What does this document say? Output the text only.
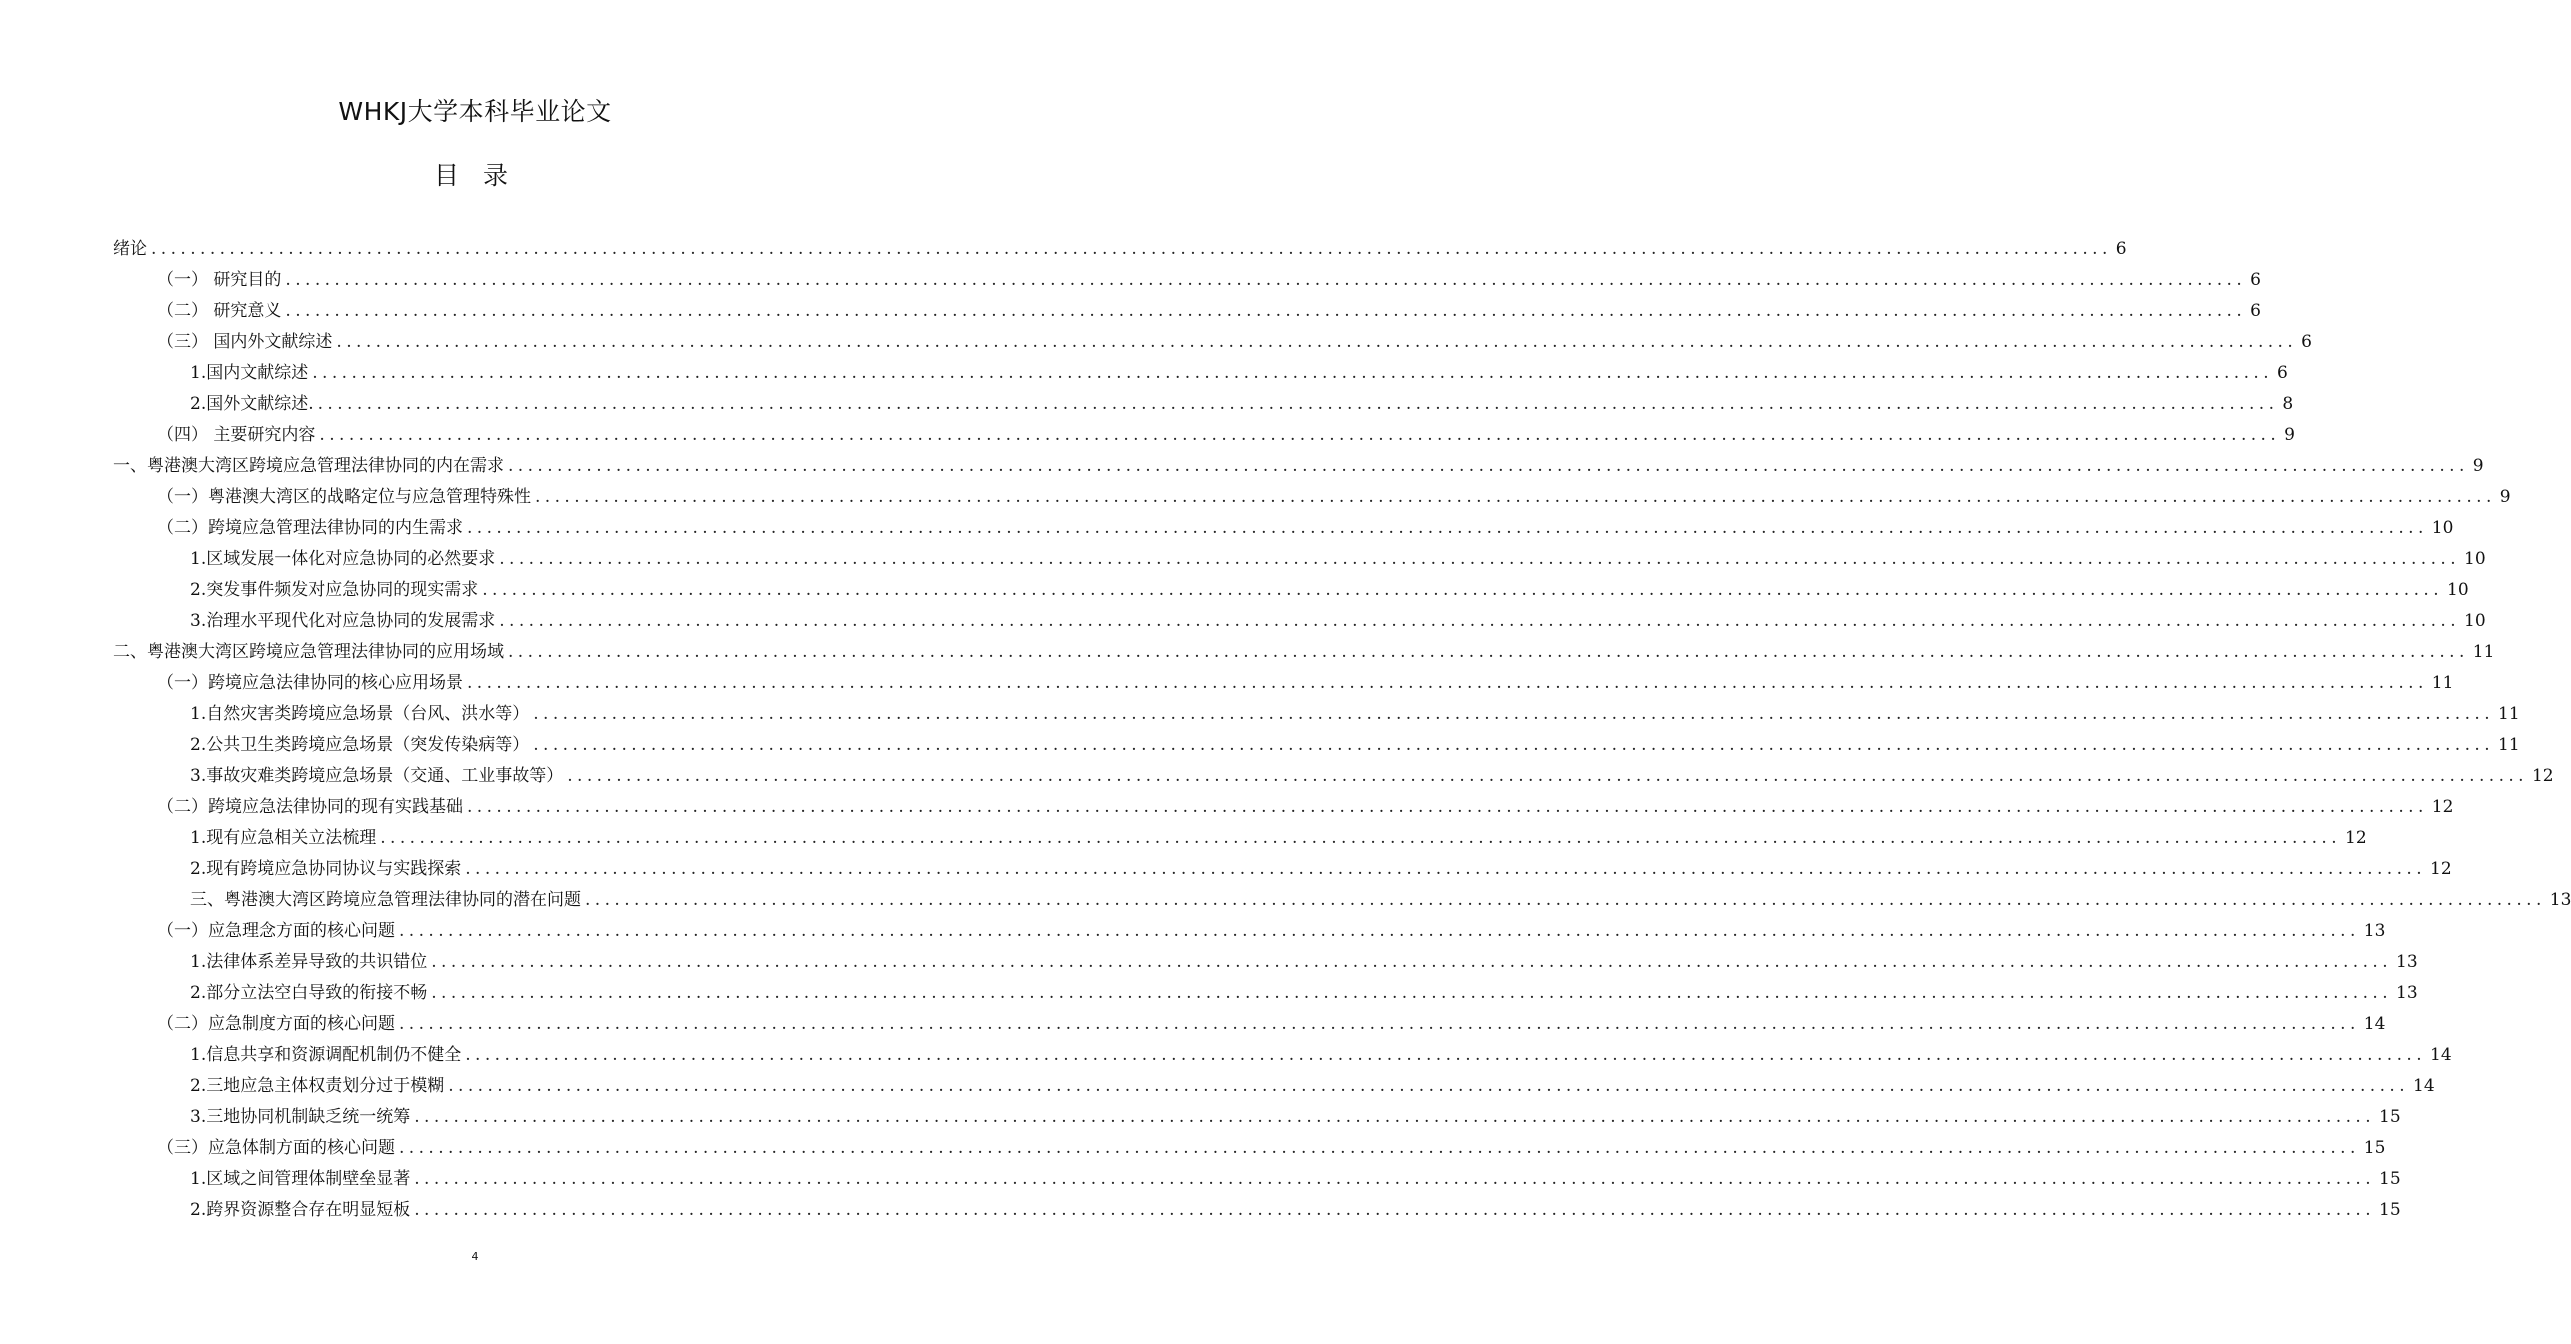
WHKJ大学本科毕业论文
目 录
绪论 ........................................................................................................................................................................................................ 6
（一） 研究目的 ........................................................................................................................................................................................................ 6
（二） 研究意义 ........................................................................................................................................................................................................ 6
（三） 国内外文献综述 ........................................................................................................................................................................................................ 6
1.国内文献综述 ........................................................................................................................................................................................................ 6
2.国外文献综述. ........................................................................................................................................................................................................ 8
（四） 主要研究内容 ........................................................................................................................................................................................................ 9
一、粤港澳大湾区跨境应急管理法律协同的内在需求 ........................................................................................................................................................................................................ 9
（一）粤港澳大湾区的战略定位与应急管理特殊性 ........................................................................................................................................................................................................ 9
（二）跨境应急管理法律协同的内生需求 ........................................................................................................................................................................................................ 10
1.区域发展一体化对应急协同的必然要求 ........................................................................................................................................................................................................ 10
2.突发事件频发对应急协同的现实需求 ........................................................................................................................................................................................................ 10
3.治理水平现代化对应急协同的发展需求 ........................................................................................................................................................................................................ 10
二、粤港澳大湾区跨境应急管理法律协同的应用场域 ........................................................................................................................................................................................................ 11
（一）跨境应急法律协同的核心应用场景 ........................................................................................................................................................................................................ 11
1.自然灾害类跨境应急场景（台风、洪水等） ........................................................................................................................................................................................................ 11
2.公共卫生类跨境应急场景（突发传染病等） ........................................................................................................................................................................................................ 11
3.事故灾难类跨境应急场景（交通、工业事故等） ........................................................................................................................................................................................................ 12
（二）跨境应急法律协同的现有实践基础 ........................................................................................................................................................................................................ 12
1.现有应急相关立法梳理 ........................................................................................................................................................................................................ 12
2.现有跨境应急协同协议与实践探索 ........................................................................................................................................................................................................ 12
三、粤港澳大湾区跨境应急管理法律协同的潜在问题 ........................................................................................................................................................................................................ 13
（一）应急理念方面的核心问题 ........................................................................................................................................................................................................ 13
1.法律体系差异导致的共识错位 ........................................................................................................................................................................................................ 13
2.部分立法空白导致的衔接不畅 ........................................................................................................................................................................................................ 13
（二）应急制度方面的核心问题 ........................................................................................................................................................................................................ 14
1.信息共享和资源调配机制仍不健全 ........................................................................................................................................................................................................ 14
2.三地应急主体权责划分过于模糊 ........................................................................................................................................................................................................ 14
3.三地协同机制缺乏统一统筹 ........................................................................................................................................................................................................ 15
（三）应急体制方面的核心问题 ........................................................................................................................................................................................................ 15
1.区域之间管理体制壁垒显著 ........................................................................................................................................................................................................ 15
2.跨界资源整合存在明显短板 ........................................................................................................................................................................................................ 15
4
